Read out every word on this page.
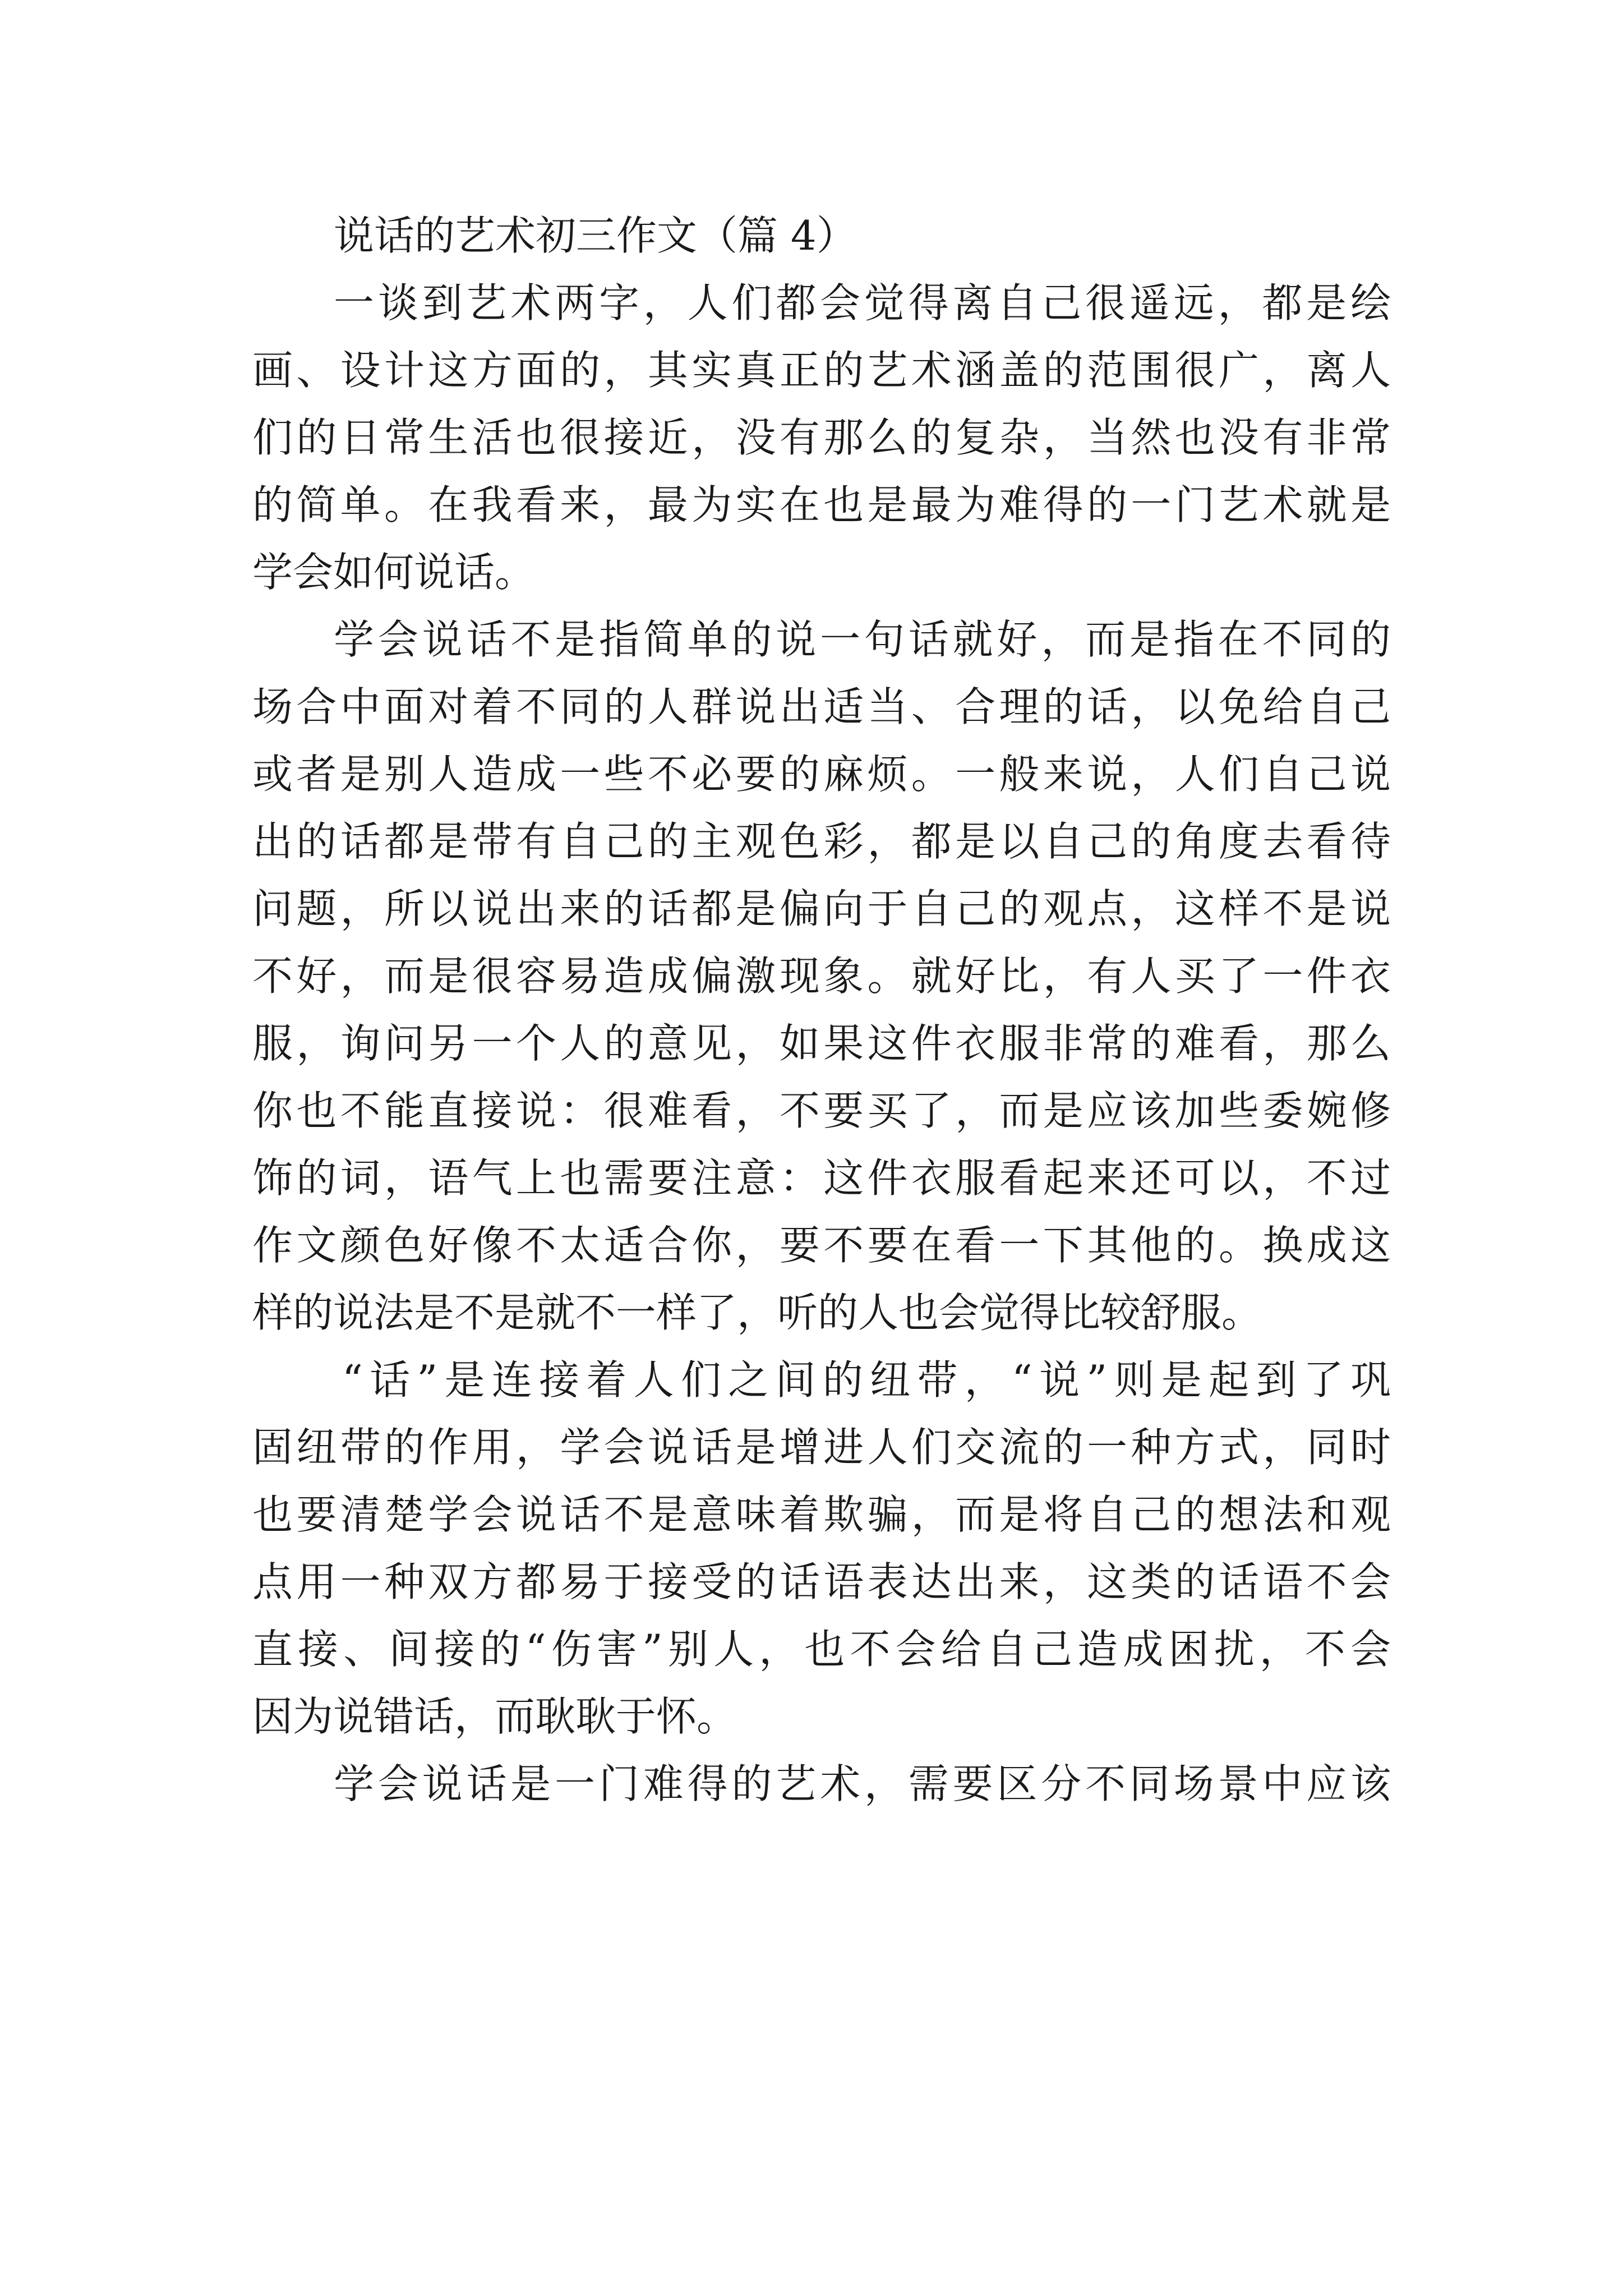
说话的艺术初三作文（篇 4）
一谈到艺术两字，人们都会觉得离自己很遥远，都是绘
画、设计这方面的，其实真正的艺术涵盖的范围很广，离人
们的日常生活也很接近，没有那么的复杂，当然也没有非常
的简单。在我看来，最为实在也是最为难得的一门艺术就是
学会如何说话。
学会说话不是指简单的说一句话就好，而是指在不同的
场合中面对着不同的人群说出适当、合理的话，以免给自己
或者是别人造成一些不必要的麻烦。一般来说，人们自己说
出的话都是带有自己的主观色彩，都是以自己的角度去看待
问题，所以说出来的话都是偏向于自己的观点，这样不是说
不好，而是很容易造成偏激现象。就好比，有人买了一件衣
服，询问另一个人的意见，如果这件衣服非常的难看，那么
你也不能直接说：很难看，不要买了，而是应该加些委婉修
饰的词，语气上也需要注意：这件衣服看起来还可以，不过
作文颜色好像不太适合你，要不要在看一下其他的。换成这
样的说法是不是就不一样了，听的人也会觉得比较舒服。
“话”是连接着人们之间的纽带，“说”则是起到了巩
固纽带的作用，学会说话是增进人们交流的一种方式，同时
也要清楚学会说话不是意味着欺骗，而是将自己的想法和观
点用一种双方都易于接受的话语表达出来，这类的话语不会
直接、间接的“伤害”别人，也不会给自己造成困扰，不会
因为说错话，而耿耿于怀。
学会说话是一门难得的艺术，需要区分不同场景中应该
